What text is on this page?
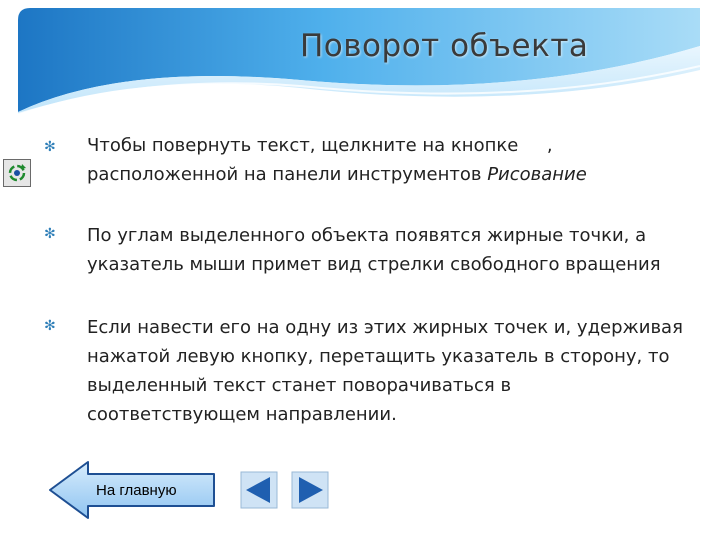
Поворот объекта
✻
✻
✻
Чтобы повернуть текст, щелкните на кнопке     , расположенной на панели инструментов Рисование
По углам выделенного объекта появятся жирные точки, а указатель мыши примет вид стрелки свободного вращения
Если навести его на одну из этих жирных точек и, удерживая нажатой левую кнопку, перетащить указатель в сторону, то выделенный текст станет поворачиваться в соответствующем направлении.
На главную
